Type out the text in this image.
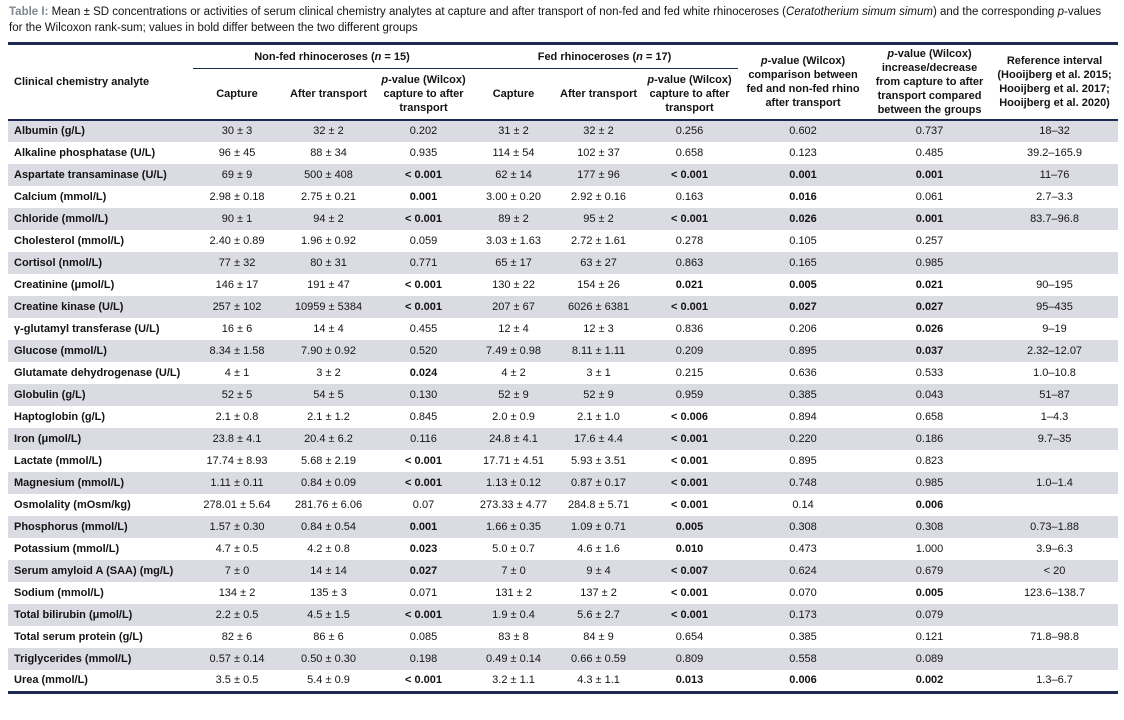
Table I: Mean ± SD concentrations or activities of serum clinical chemistry analytes at capture and after transport of non-fed and fed white rhinoceroses (Ceratotherium simum simum) and the corresponding p-values for the Wilcoxon rank-sum; values in bold differ between the two different groups
Clinical chemistry analyte	Non-fed rhinoceroses (n = 15)			Fed rhinoceroses (n = 17)			p-value (Wilcox) comparison between fed and non-fed rhino after transport	p-value (Wilcox) increase/decrease from capture to after transport compared between the groups	Reference interval (Hooijberg et al. 2015; Hooijberg et al. 2017; Hooijberg et al. 2020)
	Capture	After transport	p-value (Wilcox) capture to after transport	Capture	After transport	p-value (Wilcox) capture to after transport			
Albumin (g/L)	30 ± 3	32 ± 2	0.202	31 ± 2	32 ± 2	0.256	0.602	0.737	18–32
Alkaline phosphatase (U/L)	96 ± 45	88 ± 34	0.935	114 ± 54	102 ± 37	0.658	0.123	0.485	39.2–165.9
Aspartate transaminase (U/L)	69 ± 9	500 ± 408	< 0.001	62 ± 14	177 ± 96	< 0.001	0.001	0.001	11–76
Calcium (mmol/L)	2.98 ± 0.18	2.75 ± 0.21	0.001	3.00 ± 0.20	2.92 ± 0.16	0.163	0.016	0.061	2.7–3.3
Chloride (mmol/L)	90 ± 1	94 ± 2	< 0.001	89 ± 2	95 ± 2	< 0.001	0.026	0.001	83.7–96.8
Cholesterol (mmol/L)	2.40 ± 0.89	1.96 ± 0.92	0.059	3.03 ± 1.63	2.72 ± 1.61	0.278	0.105	0.257	
Cortisol (nmol/L)	77 ± 32	80 ± 31	0.771	65 ± 17	63 ± 27	0.863	0.165	0.985	
Creatinine (μmol/L)	146 ± 17	191 ± 47	< 0.001	130 ± 22	154 ± 26	0.021	0.005	0.021	90–195
Creatine kinase (U/L)	257 ± 102	10959 ± 5384	< 0.001	207 ± 67	6026 ± 6381	< 0.001	0.027	0.027	95–435
γ-glutamyl transferase (U/L)	16 ± 6	14 ± 4	0.455	12 ± 4	12 ± 3	0.836	0.206	0.026	9–19
Glucose (mmol/L)	8.34 ± 1.58	7.90 ± 0.92	0.520	7.49 ± 0.98	8.11 ± 1.11	0.209	0.895	0.037	2.32–12.07
Glutamate dehydrogenase (U/L)	4 ± 1	3 ± 2	0.024	4 ± 2	3 ± 1	0.215	0.636	0.533	1.0–10.8
Globulin (g/L)	52 ± 5	54 ± 5	0.130	52 ± 9	52 ± 9	0.959	0.385	0.043	51–87
Haptoglobin (g/L)	2.1 ± 0.8	2.1 ± 1.2	0.845	2.0 ± 0.9	2.1 ± 1.0	< 0.006	0.894	0.658	1–4.3
Iron (μmol/L)	23.8 ± 4.1	20.4 ± 6.2	0.116	24.8 ± 4.1	17.6 ± 4.4	< 0.001	0.220	0.186	9.7–35
Lactate (mmol/L)	17.74 ± 8.93	5.68 ± 2.19	< 0.001	17.71 ± 4.51	5.93 ± 3.51	< 0.001	0.895	0.823	
Magnesium (mmol/L)	1.11 ± 0.11	0.84 ± 0.09	< 0.001	1.13 ± 0.12	0.87 ± 0.17	< 0.001	0.748	0.985	1.0–1.4
Osmolality (mOsm/kg)	278.01 ± 5.64	281.76 ± 6.06	0.07	273.33 ± 4.77	284.8 ± 5.71	< 0.001	0.14	0.006	
Phosphorus (mmol/L)	1.57 ± 0.30	0.84 ± 0.54	0.001	1.66 ± 0.35	1.09 ± 0.71	0.005	0.308	0.308	0.73–1.88
Potassium (mmol/L)	4.7 ± 0.5	4.2 ± 0.8	0.023	5.0 ± 0.7	4.6 ± 1.6	0.010	0.473	1.000	3.9–6.3
Serum amyloid A (SAA) (mg/L)	7 ± 0	14 ± 14	0.027	7 ± 0	9 ± 4	< 0.007	0.624	0.679	< 20
Sodium (mmol/L)	134 ± 2	135 ± 3	0.071	131 ± 2	137 ± 2	< 0.001	0.070	0.005	123.6–138.7
Total bilirubin (μmol/L)	2.2 ± 0.5	4.5 ± 1.5	< 0.001	1.9 ± 0.4	5.6 ± 2.7	< 0.001	0.173	0.079	
Total serum protein (g/L)	82 ± 6	86 ± 6	0.085	83 ± 8	84 ± 9	0.654	0.385	0.121	71.8–98.8
Triglycerides (mmol/L)	0.57 ± 0.14	0.50 ± 0.30	0.198	0.49 ± 0.14	0.66 ± 0.59	0.809	0.558	0.089	
Urea (mmol/L)	3.5 ± 0.5	5.4 ± 0.9	< 0.001	3.2 ± 1.1	4.3 ± 1.1	0.013	0.006	0.002	1.3–6.7
